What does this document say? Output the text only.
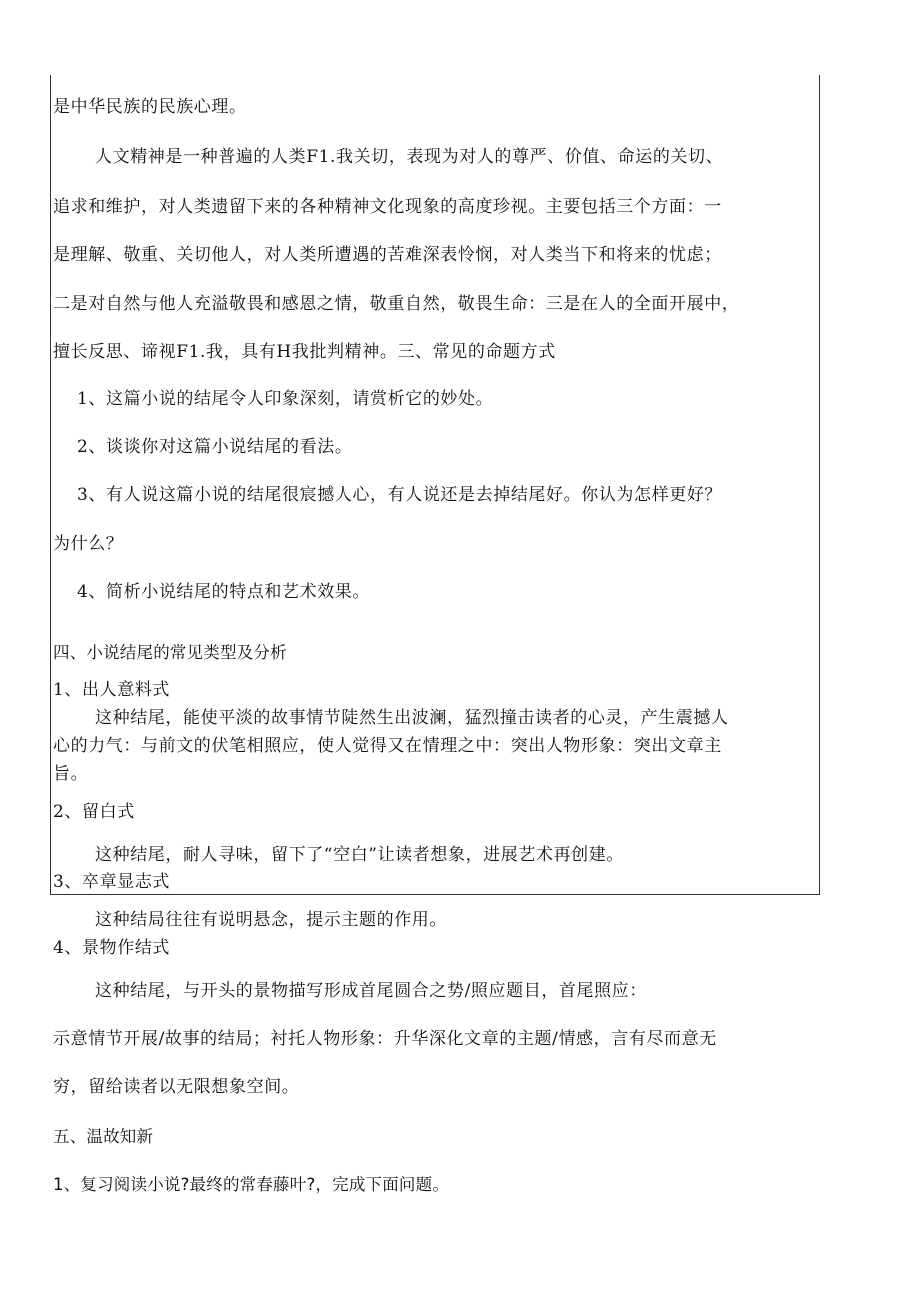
是中华民族的民族心理。
人文精神是一种普遍的人类F1.我关切，表现为对人的尊严、价值、命运的关切、
追求和维护，对人类遗留下来的各种精神文化现象的高度珍视。主要包括三个方面：一
是理解、敬重、关切他人，对人类所遭遇的苦难深表怜悯，对人类当下和将来的忧虑；
二是对自然与他人充溢敬畏和感恩之情，敬重自然，敬畏生命：三是在人的全面开展中，
擅长反思、谛视F1.我，具有H我批判精神。三、常见的命题方式
1、这篇小说的结尾令人印象深刻，请赏析它的妙处。
2、谈谈你对这篇小说结尾的看法。
3、有人说这篇小说的结尾很宸撼人心，有人说还是去掉结尾好。你认为怎样更好？
为什么？
4、简析小说结尾的特点和艺术效果。
四、小说结尾的常见类型及分析
1、出人意料式
这种结尾，能使平淡的故事情节陡然生出波澜，猛烈撞击读者的心灵，产生震撼人
心的力气：与前文的伏笔相照应，使人觉得又在情理之中：突出人物形象：突出文章主
旨。
2、留白式
这种结尾，耐人寻味，留下了“空白”让读者想象，进展艺术再创建。
3、卒章显志式
这种结局往往有说明悬念，提示主题的作用。
4、景物作结式
这种结尾，与开头的景物描写形成首尾圆合之势/照应题目，首尾照应：
示意情节开展/故事的结局；衬托人物形象：升华深化文章的主题/情感，言有尽而意无
穷，留给读者以无限想象空间。
五、温故知新
1、复习阅读小说?最终的常春藤叶?，完成下面问题。
